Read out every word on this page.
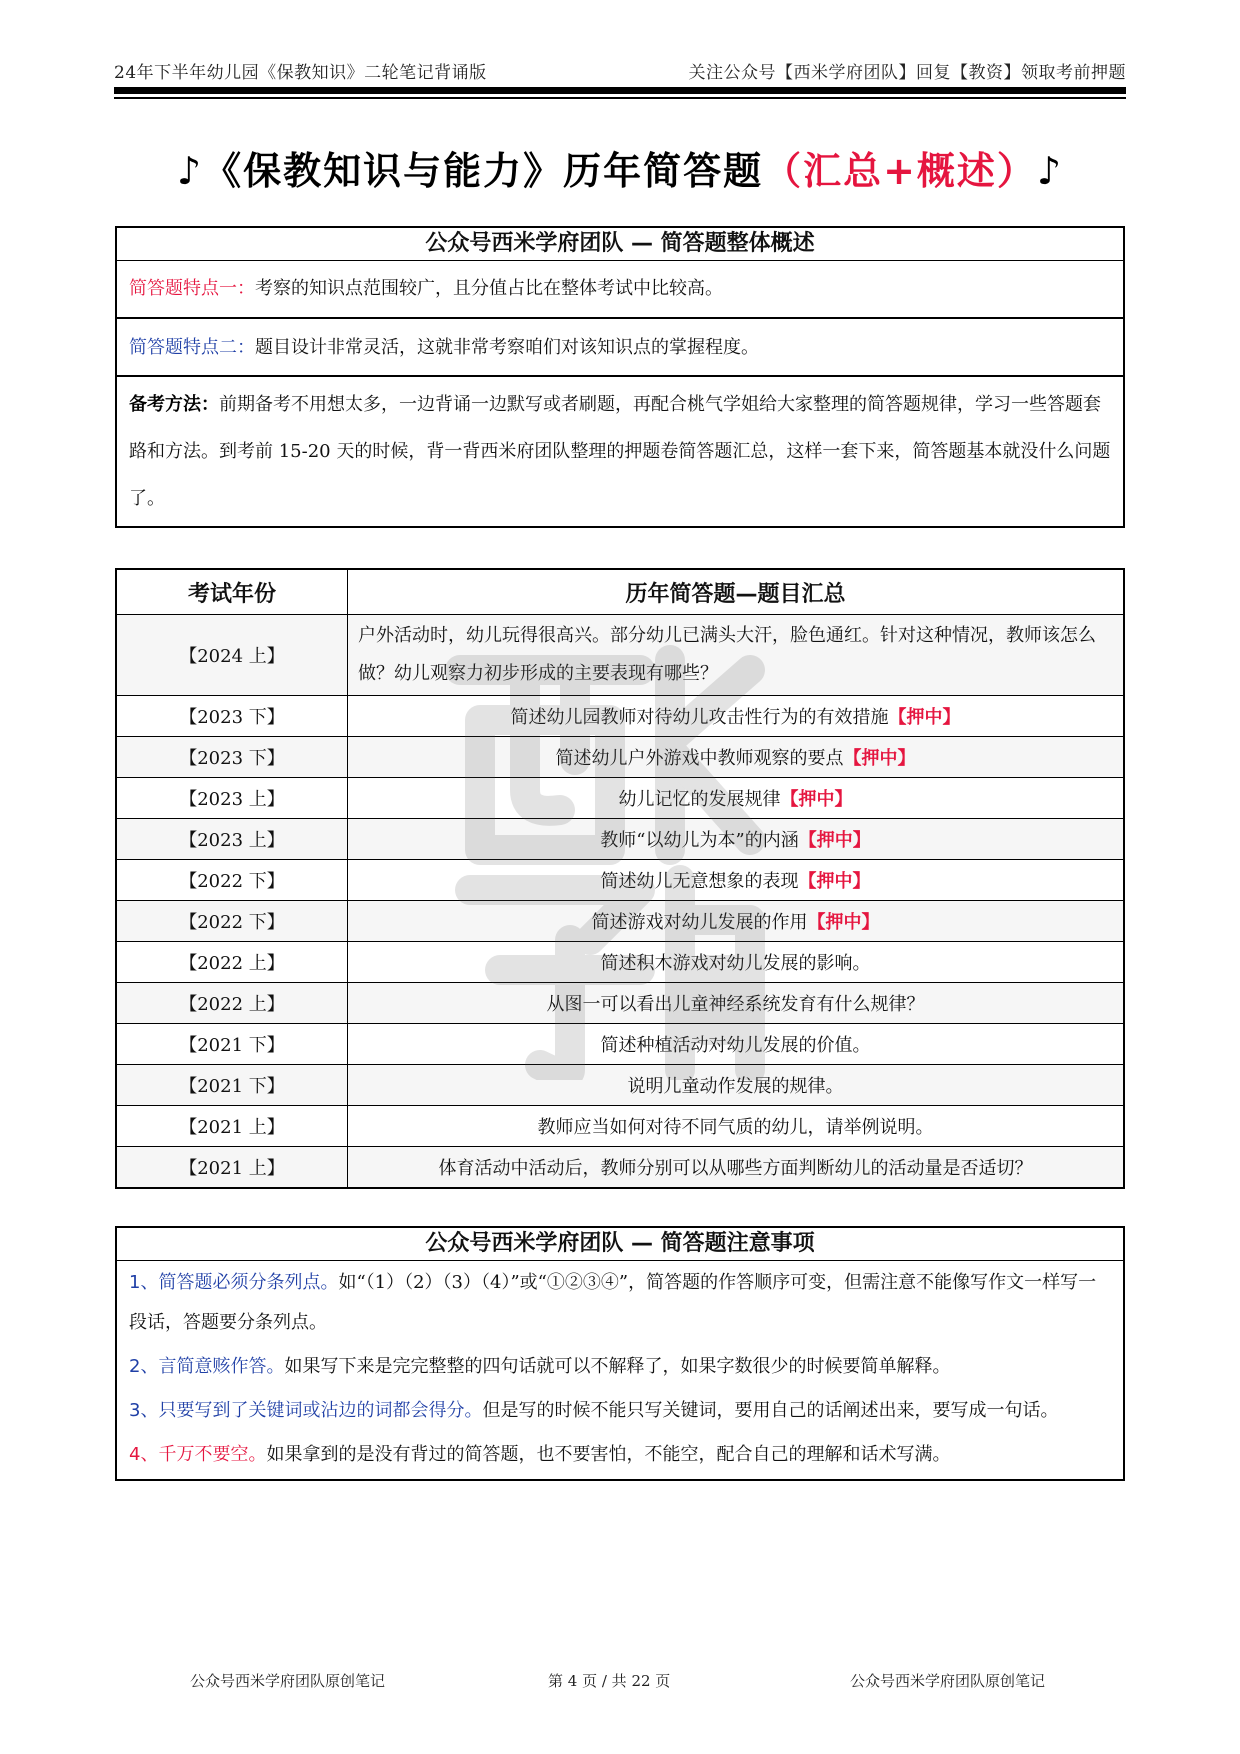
24年下半年幼儿园《保教知识》二轮笔记背诵版	关注公众号【西米学府团队】回复【教资】领取考前押题
♪《保教知识与能力》历年简答题（汇总+概述）♪
公众号西米学府团队 — 简答题整体概述
简答题特点一：考察的知识点范围较广，且分值占比在整体考试中比较高。
简答题特点二：题目设计非常灵活，这就非常考察咱们对该知识点的掌握程度。
备考方法：前期备考不用想太多，一边背诵一边默写或者刷题，再配合桃气学姐给大家整理的简答题规律，学习一些答题套路和方法。到考前 15-20 天的时候，背一背西米府团队整理的押题卷简答题汇总，这样一套下来，简答题基本就没什么问题了。
考试年份	历年简答题—题目汇总
【2024 上】	户外活动时，幼儿玩得很高兴。部分幼儿已满头大汗，脸色通红。针对这种情况，教师该怎么做？幼儿观察力初步形成的主要表现有哪些？
【2023 下】	简述幼儿园教师对待幼儿攻击性行为的有效措施【押中】
【2023 下】	简述幼儿户外游戏中教师观察的要点【押中】
【2023 上】	幼儿记忆的发展规律【押中】
【2023 上】	教师“以幼儿为本”的内涵【押中】
【2022 下】	简述幼儿无意想象的表现【押中】
【2022 下】	简述游戏对幼儿发展的作用【押中】
【2022 上】	简述积木游戏对幼儿发展的影响。
【2022 上】	从图一可以看出儿童神经系统发育有什么规律？
【2021 下】	简述种植活动对幼儿发展的价值。
【2021 下】	说明儿童动作发展的规律。
【2021 上】	教师应当如何对待不同气质的幼儿，请举例说明。
【2021 上】	体育活动中活动后，教师分别可以从哪些方面判断幼儿的活动量是否适切？
公众号西米学府团队 — 简答题注意事项
1、简答题必须分条列点。如“（1）（2）（3）（4）”或“①②③④”，简答题的作答顺序可变，但需注意不能像写作文一样写一段话，答题要分条列点。
2、言简意赅作答。如果写下来是完完整整的四句话就可以不解释了，如果字数很少的时候要简单解释。
3、只要写到了关键词或沾边的词都会得分。但是写的时候不能只写关键词，要用自己的话阐述出来，要写成一句话。
4、千万不要空。如果拿到的是没有背过的简答题，也不要害怕，不能空，配合自己的理解和话术写满。
公众号西米学府团队原创笔记	第 4 页 / 共 22 页	公众号西米学府团队原创笔记
